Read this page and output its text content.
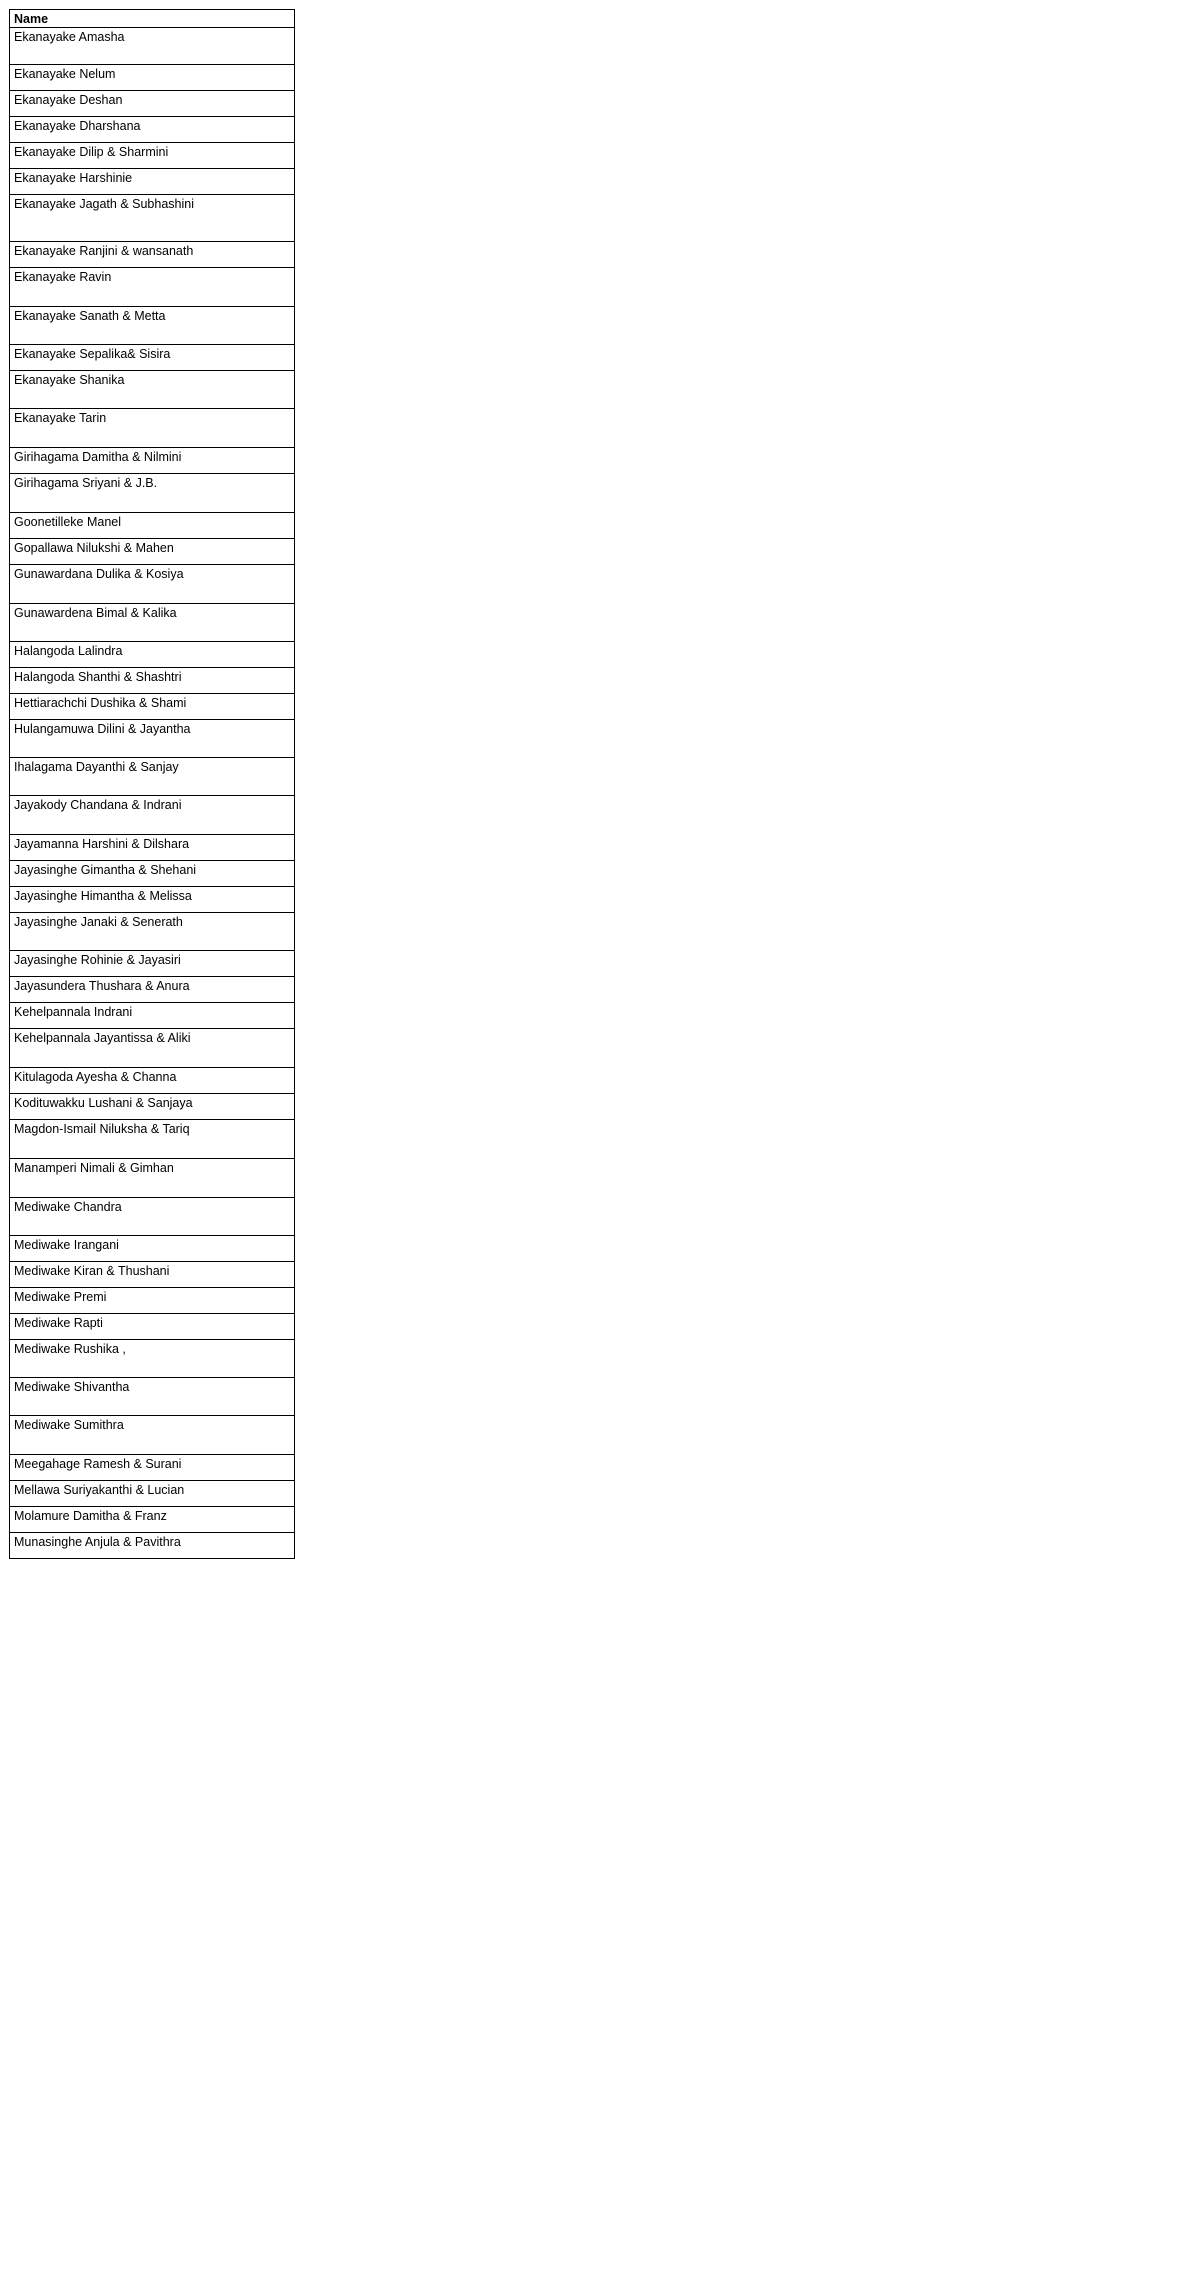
Name
Ekanayake Amasha
Ekanayake Nelum
Ekanayake Deshan
Ekanayake Dharshana
Ekanayake Dilip & Sharmini
Ekanayake Harshinie
Ekanayake Jagath & Subhashini
Ekanayake Ranjini & wansanath
Ekanayake Ravin
Ekanayake Sanath & Metta
Ekanayake Sepalika& Sisira
Ekanayake Shanika
Ekanayake Tarin
Girihagama Damitha & Nilmini
Girihagama Sriyani & J.B.
Goonetilleke Manel
Gopallawa Nilukshi & Mahen
Gunawardana Dulika & Kosiya
Gunawardena Bimal & Kalika
Halangoda Lalindra
Halangoda Shanthi & Shashtri
Hettiarachchi Dushika & Shami
Hulangamuwa Dilini & Jayantha
Ihalagama Dayanthi & Sanjay
Jayakody Chandana & Indrani
Jayamanna Harshini & Dilshara
Jayasinghe Gimantha & Shehani
Jayasinghe Himantha & Melissa
Jayasinghe Janaki & Senerath
Jayasinghe Rohinie & Jayasiri
Jayasundera Thushara & Anura
Kehelpannala Indrani
Kehelpannala Jayantissa & Aliki
Kitulagoda Ayesha & Channa
Kodituwakku Lushani & Sanjaya
Magdon-Ismail Niluksha & Tariq
Manamperi Nimali & Gimhan
Mediwake Chandra
Mediwake Irangani
Mediwake Kiran & Thushani
Mediwake Premi
Mediwake Rapti
Mediwake Rushika ,
Mediwake Shivantha
Mediwake Sumithra
Meegahage Ramesh & Surani
Mellawa Suriyakanthi & Lucian
Molamure Damitha & Franz
Munasinghe Anjula & Pavithra
